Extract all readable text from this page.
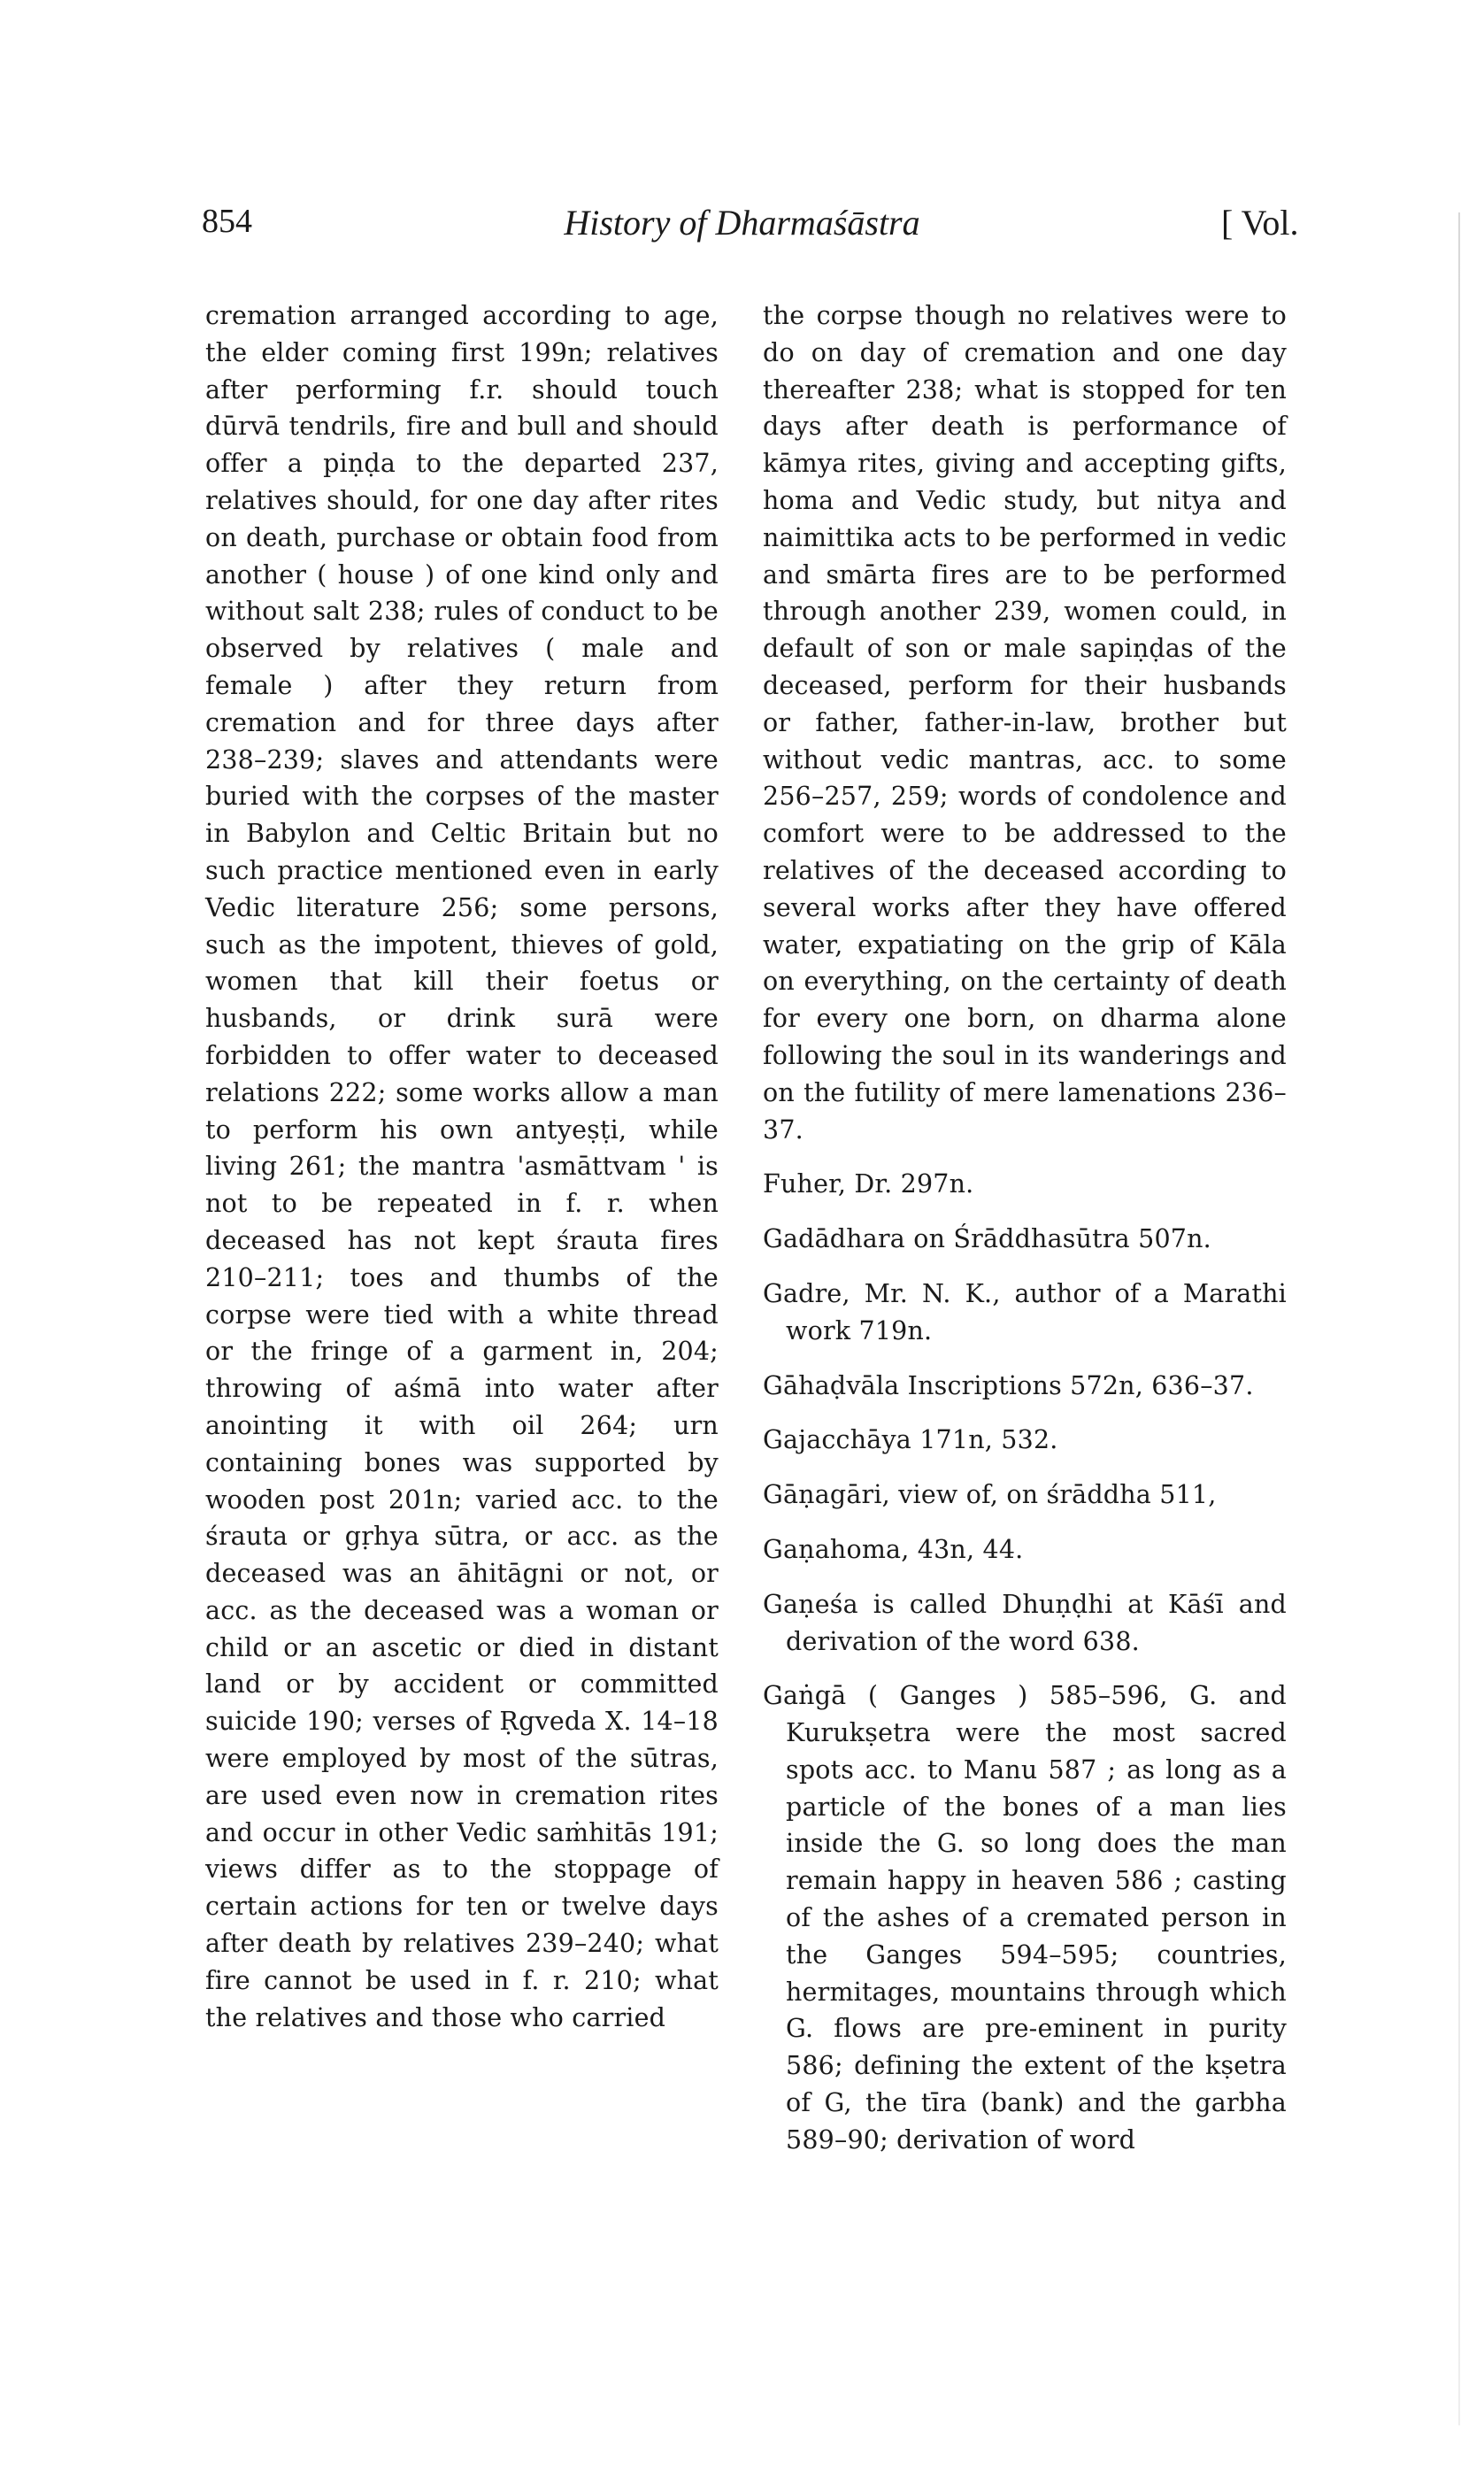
854	History of Dharmaśāstra	[ Vol.
cremation arranged according to age, the elder coming first 199n; relatives after performing f.r. should touch dūrvā tendrils, fire and bull and should offer a piṇḍa to the departed 237, relatives should, for one day after rites on death, purchase or obtain food from another ( house ) of one kind only and without salt 238; rules of conduct to be observed by relatives ( male and female ) after they return from cremation and for three days after 238–239; slaves and attendants were buried with the corpses of the master in Babylon and Celtic Britain but no such practice mentioned even in early Vedic literature 256; some persons, such as the impotent, thieves of gold, women that kill their foetus or husbands, or drink surā were forbidden to offer water to deceased relations 222; some works allow a man to perform his own antyeṣṭi, while living 261; the mantra 'asmāttvam ' is not to be repeated in f. r. when deceased has not kept śrauta fires 210–211; toes and thumbs of the corpse were tied with a white thread or the fringe of a garment in, 204; throwing of aśmā into water after anointing it with oil 264; urn containing bones was supported by wooden post 201n; varied acc. to the śrauta or gṛhya sūtra, or acc. as the deceased was an āhitāgni or not, or acc. as the deceased was a woman or child or an ascetic or died in distant land or by accident or committed suicide 190; verses of Ṛgveda X. 14–18 were employed by most of the sūtras, are used even now in cremation rites and occur in other Vedic saṁhitās 191; views differ as to the stoppage of certain actions for ten or twelve days after death by relatives 239–240; what fire cannot be used in f. r. 210; what the relatives and those who carried

the corpse though no relatives were to do on day of cremation and one day thereafter 238; what is stopped for ten days after death is performance of kāmya rites, giving and accepting gifts, homa and Vedic study, but nitya and naimittika acts to be performed in vedic and smārta fires are to be performed through another 239, women could, in default of son or male sapiṇḍas of the deceased, perform for their husbands or father, father-in-law, brother but without vedic mantras, acc. to some 256–257, 259; words of condolence and comfort were to be addressed to the relatives of the deceased according to several works after they have offered water, expatiating on the grip of Kāla on everything, on the certainty of death for every one born, on dharma alone following the soul in its wanderings and on the futility of mere lamenations 236–37.

Fuher, Dr. 297n.

Gadādhara on Śrāddhasūtra 507n.

Gadre, Mr. N. K., author of a Marathi work 719n.

Gāhaḍvāla Inscriptions 572n, 636–37.

Gajacchāya 171n, 532.

Gāṇagāri, view of, on śrāddha 511,

Gaṇahoma, 43n, 44.

Gaṇeśa is called Dhuṇḍhi at Kāśī and derivation of the word 638.

Gaṅgā ( Ganges ) 585–596, G. and Kurukṣetra were the most sacred spots acc. to Manu 587 ; as long as a particle of the bones of a man lies inside the G. so long does the man remain happy in heaven 586 ; casting of the ashes of a cremated person in the Ganges 594–595; countries, hermitages, mountains through which G. flows are pre-eminent in purity 586; defining the extent of the kṣetra of G, the tīra (bank) and the garbha 589–90; derivation of word
